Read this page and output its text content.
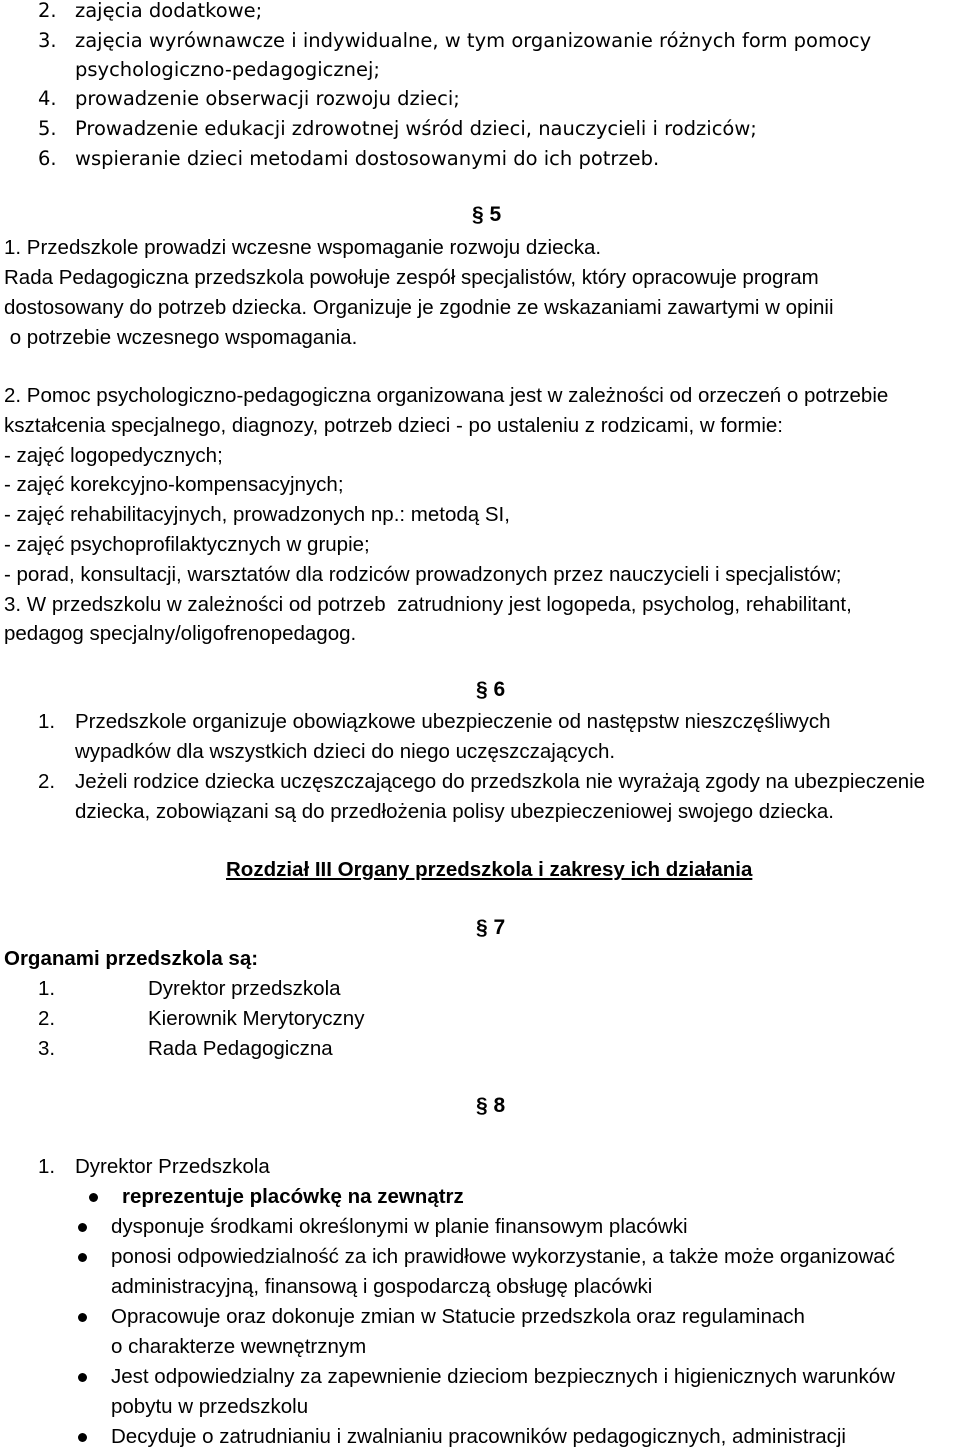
2. zajęcia dodatkowe;
3. zajęcia wyrównawcze i indywidualne, w tym organizowanie różnych form pomocy
psychologiczno-pedagogicznej;
4. prowadzenie obserwacji rozwoju dzieci;
5. Prowadzenie edukacji zdrowotnej wśród dzieci, nauczycieli i rodziców;
6. wspieranie dzieci metodami dostosowanymi do ich potrzeb.
§ 5
1. Przedszkole prowadzi wczesne wspomaganie rozwoju dziecka.
Rada Pedagogiczna przedszkola powołuje zespół specjalistów, który opracowuje program
dostosowany do potrzeb dziecka. Organizuje je zgodnie ze wskazaniami zawartymi w opinii
o potrzebie wczesnego wspomagania.
2. Pomoc psychologiczno-pedagogiczna organizowana jest w zależności od orzeczeń o potrzebie
kształcenia specjalnego, diagnozy, potrzeb dzieci - po ustaleniu z rodzicami, w formie:
- zajęć logopedycznych;
- zajęć korekcyjno-kompensacyjnych;
- zajęć rehabilitacyjnych, prowadzonych np.: metodą SI,
- zajęć psychoprofilaktycznych w grupie;
- porad, konsultacji, warsztatów dla rodziców prowadzonych przez nauczycieli i specjalistów;
3. W przedszkolu w zależności od potrzeb  zatrudniony jest logopeda, psycholog, rehabilitant,
pedagog specjalny/oligofrenopedagog.
§ 6
1. Przedszkole organizuje obowiązkowe ubezpieczenie od następstw nieszczęśliwych
wypadków dla wszystkich dzieci do niego uczęszczających.
2. Jeżeli rodzice dziecka uczęszczającego do przedszkola nie wyrażają zgody na ubezpieczenie
dziecka, zobowiązani są do przedłożenia polisy ubezpieczeniowej swojego dziecka.
Rozdział III Organy przedszkola i zakresy ich działania
§ 7
Organami przedszkola są:
1.	Dyrektor przedszkola
2.	Kierownik Merytoryczny
3.	Rada Pedagogiczna
§ 8
1. Dyrektor Przedszkola
reprezentuje placówkę na zewnątrz
dysponuje środkami określonymi w planie finansowym placówki
ponosi odpowiedzialność za ich prawidłowe wykorzystanie, a także może organizować
administracyjną, finansową i gospodarczą obsługę placówki
Opracowuje oraz dokonuje zmian w Statucie przedszkola oraz regulaminach
o charakterze wewnętrznym
Jest odpowiedzialny za zapewnienie dzieciom bezpiecznych i higienicznych warunków
pobytu w przedszkolu
Decyduje o zatrudnianiu i zwalnianiu pracowników pedagogicznych, administracji
